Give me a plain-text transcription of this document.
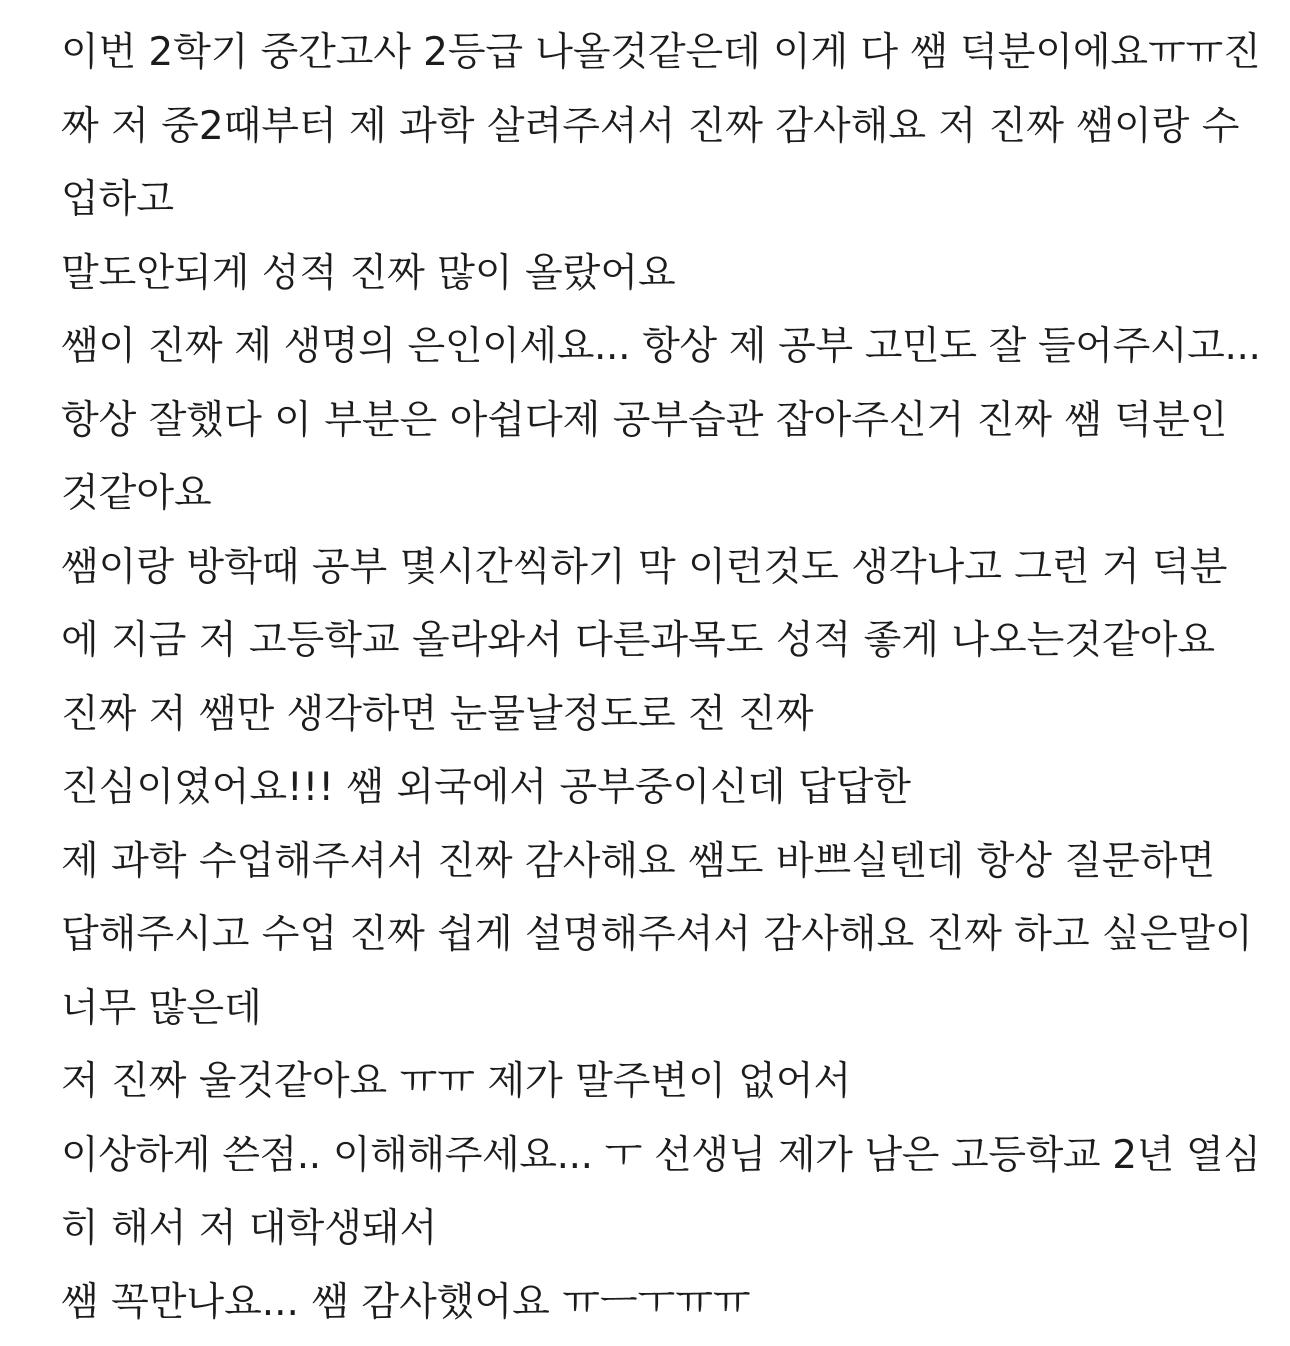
이번 2학기 중간고사 2등급 나올것같은데 이게 다 쌤 덕분이에요ㅠㅠ진
짜 저 중2때부터 제 과학 살려주셔서 진짜 감사해요 저 진짜 쌤이랑 수
업하고
말도안되게 성적 진짜 많이 올랐어요
쌤이 진짜 제 생명의 은인이세요... 항상 제 공부 고민도 잘 들어주시고...
항상 잘했다 이 부분은 아쉽다제 공부습관 잡아주신거 진짜 쌤 덕분인
것같아요
쌤이랑 방학때 공부 몇시간씩하기 막 이런것도 생각나고 그런 거 덕분
에 지금 저 고등학교 올라와서 다른과목도 성적 좋게 나오는것같아요
진짜 저 쌤만 생각하면 눈물날정도로 전 진짜
진심이였어요!!! 쌤 외국에서 공부중이신데 답답한
제 과학 수업해주셔서 진짜 감사해요 쌤도 바쁘실텐데 항상 질문하면
답해주시고 수업 진짜 쉽게 설명해주셔서 감사해요 진짜 하고 싶은말이
너무 많은데
저 진짜 울것같아요 ㅠㅠ 제가 말주변이 없어서
이상하게 쓴점.. 이해해주세요... ㅜ 선생님 제가 남은 고등학교 2년 열심
히 해서 저 대학생돼서
쌤 꼭만나요... 쌤 감사했어요 ㅠㅡㅜㅠㅠ
